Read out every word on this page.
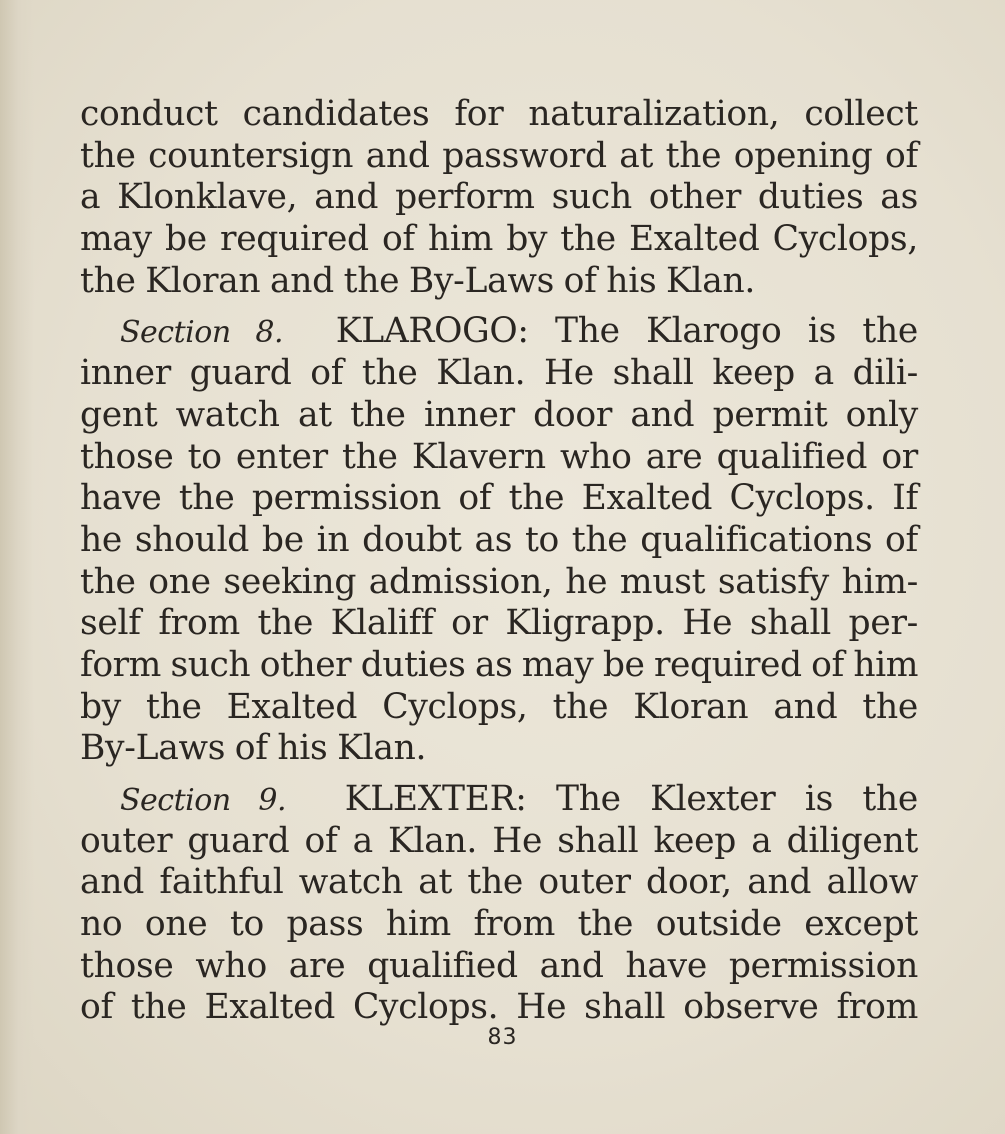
conduct candidates for naturalization, collect
the countersign and password at the opening of
a Klonklave, and perform such other duties as
may be required of him by the Exalted Cyclops,
the Kloran and the By-Laws of his Klan.
Section 8. KLAROGO: The Klarogo is the
inner guard of the Klan. He shall keep a dili-
gent watch at the inner door and permit only
those to enter the Klavern who are qualified or
have the permission of the Exalted Cyclops. If
he should be in doubt as to the qualifications of
the one seeking admission, he must satisfy him-
self from the Klaliff or Kligrapp. He shall per-
form such other duties as may be required of him
by the Exalted Cyclops, the Kloran and the
By-Laws of his Klan.
Section 9. KLEXTER: The Klexter is the
outer guard of a Klan. He shall keep a diligent
and faithful watch at the outer door, and allow
no one to pass him from the outside except
those who are qualified and have permission
of the Exalted Cyclops. He shall observe from
83
